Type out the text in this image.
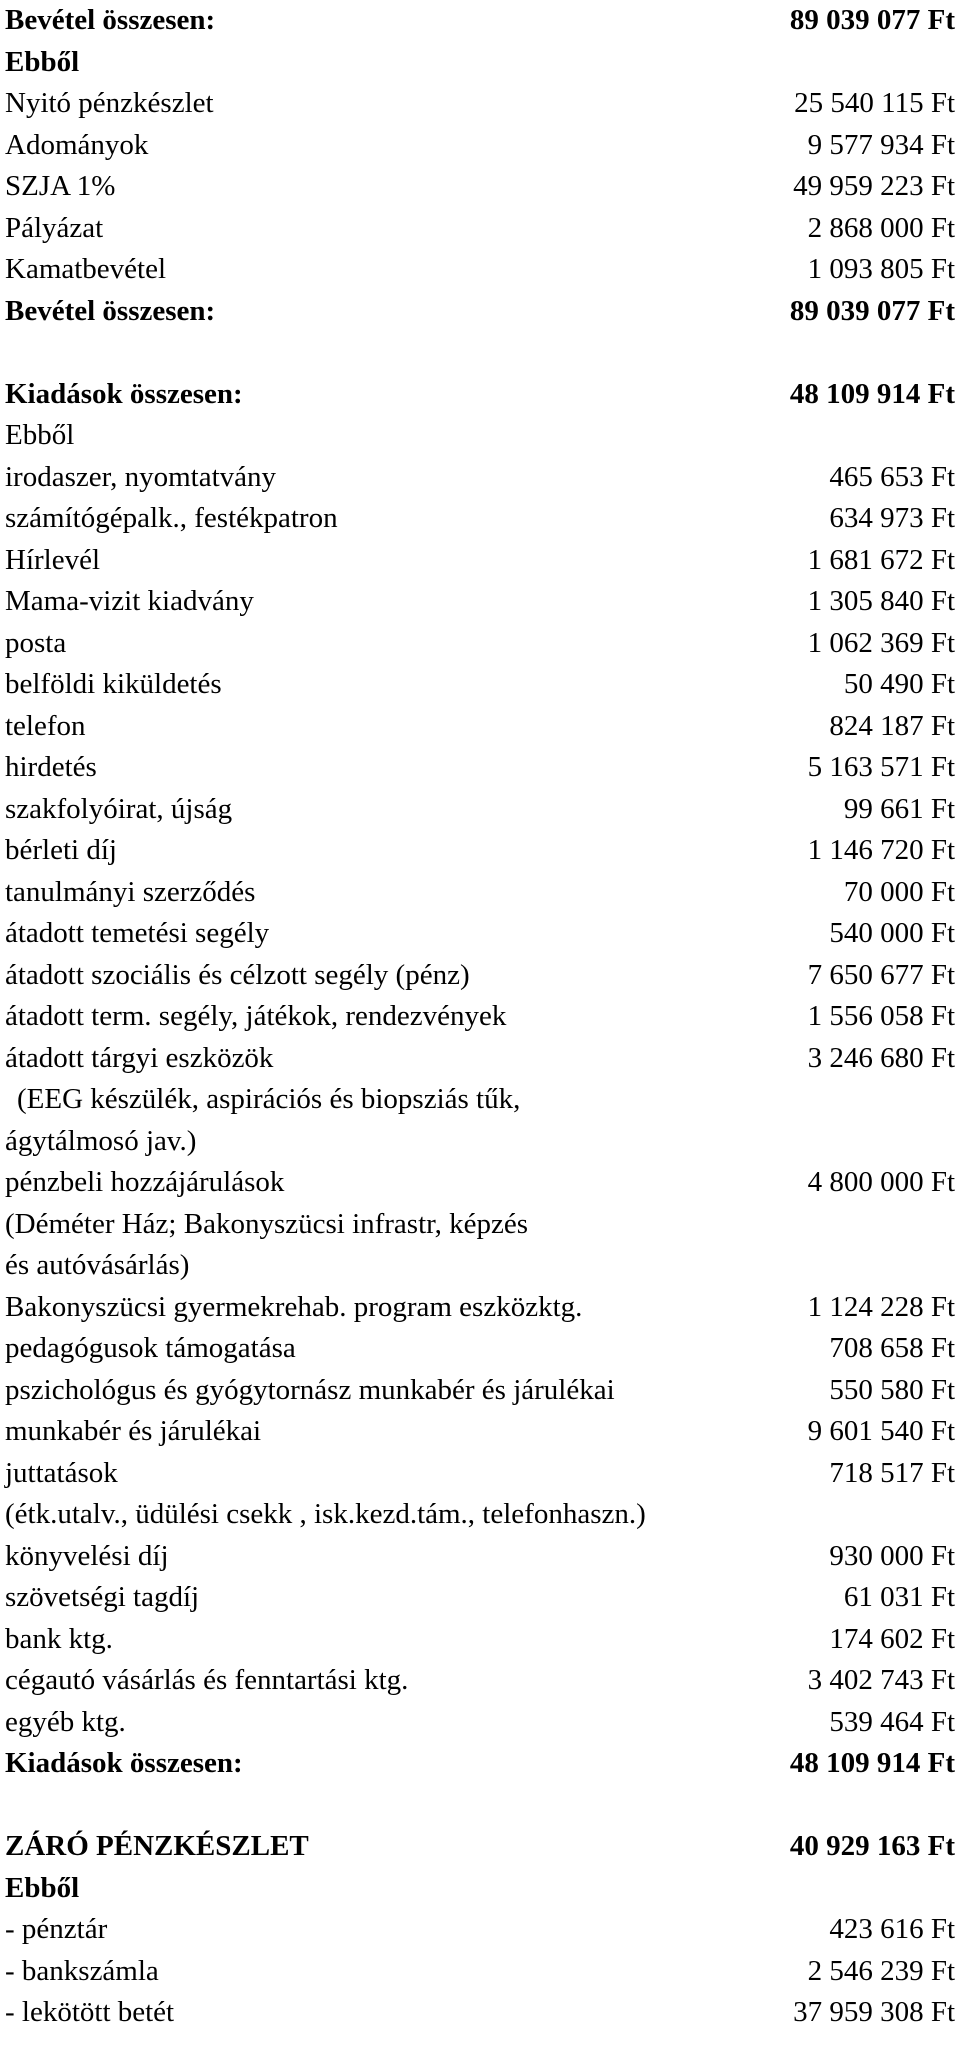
Bevétel összesen:	89 039 077 Ft
Ebből
Nyitó pénzkészlet	25 540 115 Ft
Adományok	9 577 934 Ft
SZJA 1%	49 959 223 Ft
Pályázat	2 868 000 Ft
Kamatbevétel	1 093 805 Ft
Bevétel összesen:	89 039 077 Ft
Kiadások összesen:	48 109 914 Ft
Ebből
irodaszer, nyomtatvány	465 653 Ft
számítógépalk., festékpatron	634 973 Ft
Hírlevél	1 681 672 Ft
Mama-vizit kiadvány	1 305 840 Ft
posta	1 062 369 Ft
belföldi kiküldetés	50 490 Ft
telefon	824 187 Ft
hirdetés	5 163 571 Ft
szakfolyóirat, újság	99 661 Ft
bérleti díj	1 146 720 Ft
tanulmányi szerződés	70 000 Ft
átadott temetési segély	540 000 Ft
átadott szociális és célzott segély (pénz)	7 650 677 Ft
átadott term. segély, játékok, rendezvények	1 556 058 Ft
átadott tárgyi eszközök	3 246 680 Ft
(EEG készülék, aspirációs és biopsziás tűk,
ágytálmosó jav.)
pénzbeli hozzájárulások	4 800 000 Ft
(Déméter Ház; Bakonyszücsi infrastr, képzés
és autóvásárlás)
Bakonyszücsi gyermekrehab. program eszközktg.	1 124 228 Ft
pedagógusok támogatása	708 658 Ft
pszichológus és gyógytornász munkabér és járulékai	550 580 Ft
munkabér és járulékai	9 601 540 Ft
juttatások	718 517 Ft
(étk.utalv., üdülési csekk , isk.kezd.tám., telefonhaszn.)
könyvelési díj	930 000 Ft
szövetségi tagdíj	61 031 Ft
bank ktg.	174 602 Ft
cégautó vásárlás és fenntartási ktg.	3 402 743 Ft
egyéb ktg.	539 464 Ft
Kiadások összesen:	48 109 914 Ft
ZÁRÓ PÉNZKÉSZLET	40 929 163 Ft
Ebből
- pénztár	423 616 Ft
- bankszámla	2 546 239 Ft
- lekötött betét	37 959 308 Ft
